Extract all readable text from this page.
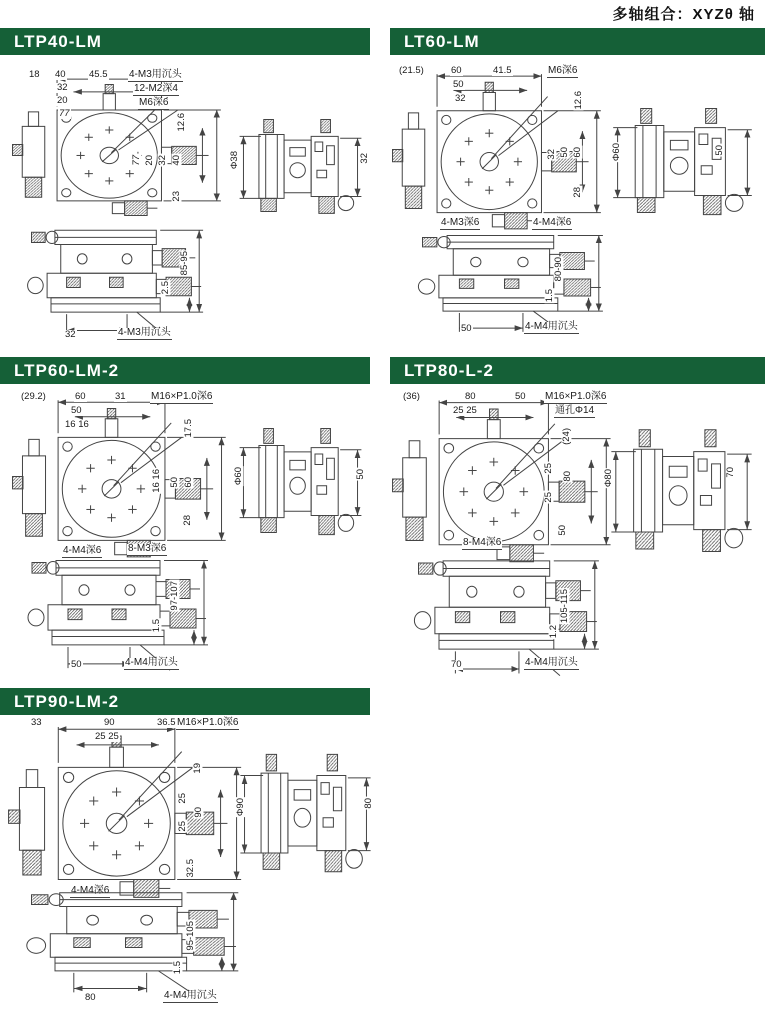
多轴组合：XYZθ 轴
LTP40-LM	LT60-LM
18 40 45.5
32
20
77
4-M3用沉头
12-M2深4
M6深6
12.6
77 20 32 40
23
Φ38	32
85-95
2.5
32	4-M3用沉头
(21.5)	60	41.5
50
32
M6深6
12.6
32 50 60
28
4-M3深6	4-M4深6
Φ60	50
80-90
1.5
50	4-M4用沉头
LTP60-LM-2	LTP80-L-2
(29.2)	60	31
50
16 16
M16×P1.0深6
17.5
16 16 50 60
28
4-M4深6	8-M3深6
Φ60	50
97-107
1.5
50	4-M4用沉头
(36)	80	50
25 25
M16×P1.0深6
通孔Φ14
(24)
25
25
80
50
8-M4深6
Φ80	70
105-115
1.2
70	4-M4用沉头
LTP90-LM-2
33	90	36.5
25 25
M16×P1.0深6
19
25
25
90
32.5
4-M4深6
Φ90	80
95-105
1.5
80	4-M4用沉头
